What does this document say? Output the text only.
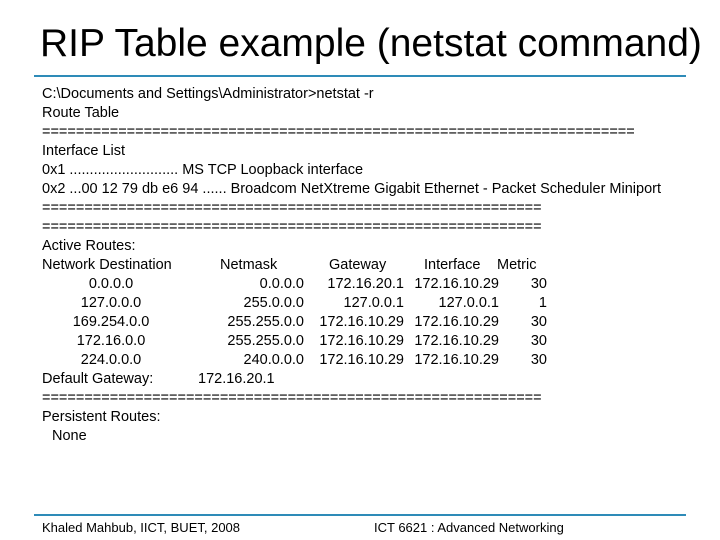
RIP Table example (netstat command)
C:\Documents and Settings\Administrator>netstat -r
Route Table
======================================================================
Interface List
0x1 ........................... MS TCP Loopback interface
0x2 ...00 12 79 db e6 94 ...... Broadcom NetXtreme Gigabit Ethernet - Packet Scheduler Miniport
===========================================================
===========================================================
Active Routes:
Network Destination	Netmask	Gateway	Interface Metric
0.0.0.0	0.0.0.0	172.16.20.1 172.16.10.29	30
127.0.0.0	255.0.0.0	127.0.0.1	127.0.0.1	1
169.254.0.0	255.255.0.0	172.16.10.29 172.16.10.29	30
172.16.0.0	255.255.0.0	172.16.10.29 172.16.10.29	30
224.0.0.0	240.0.0.0	172.16.10.29 172.16.10.29	30
Default Gateway:	172.16.20.1
===========================================================
Persistent Routes:
None
Khaled Mahbub, IICT, BUET, 2008	ICT 6621 : Advanced Networking
